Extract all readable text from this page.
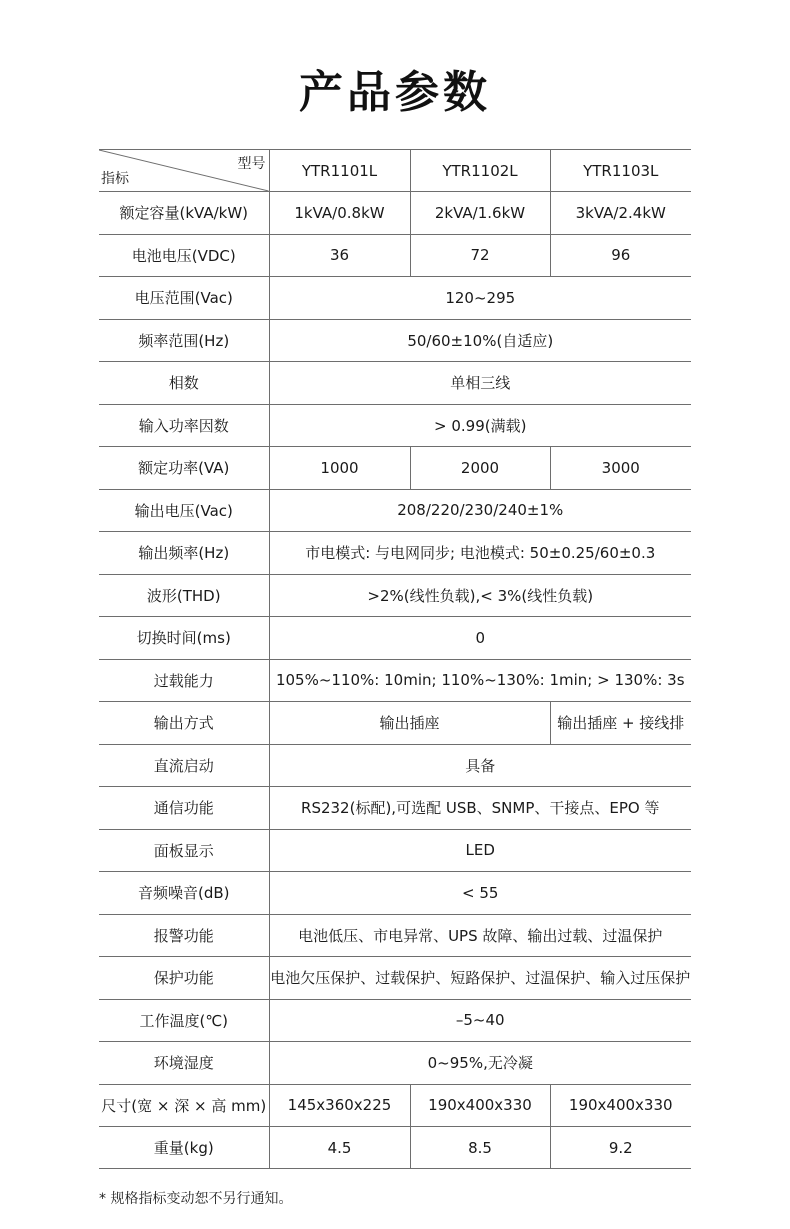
产品参数
型号
指标	YTR1101L	YTR1102L	YTR1103L
额定容量(kVA/kW)	1kVA/0.8kW	2kVA/1.6kW	3kVA/2.4kW
电池电压(VDC)	36	72	96
电压范围(Vac)	120~295		
频率范围(Hz)	50/60±10%(自适应)		
相数	单相三线		
输入功率因数	> 0.99(满载)		
额定功率(VA)	1000	2000	3000
输出电压(Vac)	208/220/230/240±1%		
输出频率(Hz)	市电模式: 与电网同步; 电池模式: 50±0.25/60±0.3		
波形(THD)	>2%(线性负载),< 3%(线性负载)		
切换时间(ms)	0		
过载能力	105%~110%: 10min; 110%~130%: 1min; > 130%: 3s		
输出方式	输出插座		输出插座 + 接线排
直流启动	具备		
通信功能	RS232(标配),可选配 USB、SNMP、干接点、EPO 等		
面板显示	LED		
音频噪音(dB)	< 55		
报警功能	电池低压、市电异常、UPS 故障、输出过载、过温保护		
保护功能	电池欠压保护、过载保护、短路保护、过温保护、输入过压保护		
工作温度(℃)	–5~40		
环境湿度	0~95%,无冷凝		
尺寸(宽 × 深 × 高 mm)	145x360x225	190x400x330	190x400x330
重量(kg)	4.5	8.5	9.2
* 规格指标变动恕不另行通知。
